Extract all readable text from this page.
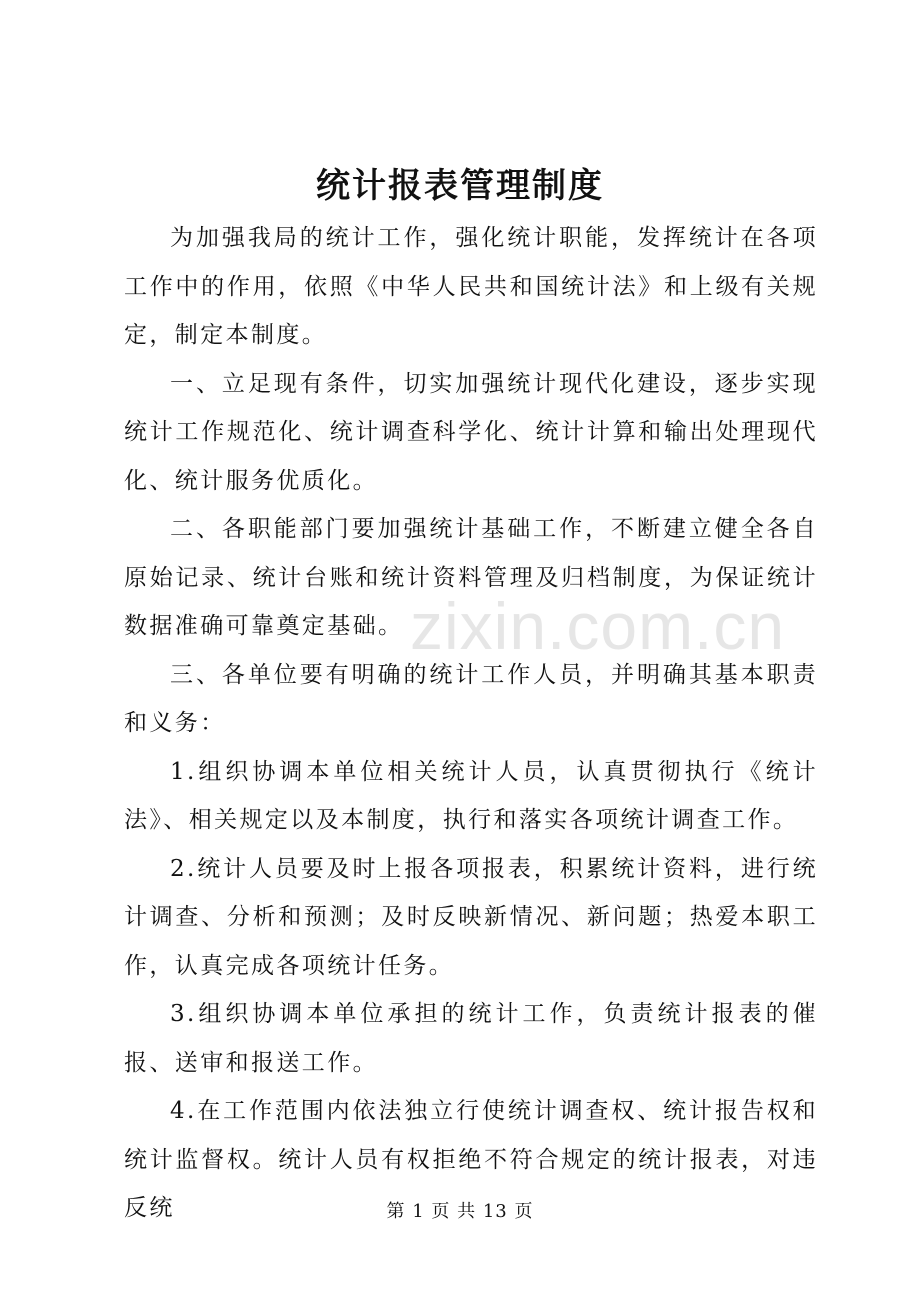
zixin.com.cn
统计报表管理制度

为加强我局的统计工作，强化统计职能，发挥统计在各项工作中的作用，依照《中华人民共和国统计法》和上级有关规定，制定本制度。

一、立足现有条件，切实加强统计现代化建设，逐步实现统计工作规范化、统计调查科学化、统计计算和输出处理现代化、统计服务优质化。

二、各职能部门要加强统计基础工作，不断建立健全各自原始记录、统计台账和统计资料管理及归档制度，为保证统计数据准确可靠奠定基础。

三、各单位要有明确的统计工作人员，并明确其基本职责和义务：

1.组织协调本单位相关统计人员，认真贯彻执行《统计法》、相关规定以及本制度，执行和落实各项统计调查工作。

2.统计人员要及时上报各项报表，积累统计资料，进行统计调查、分析和预测；及时反映新情况、新问题；热爱本职工作，认真完成各项统计任务。

3.组织协调本单位承担的统计工作，负责统计报表的催报、送审和报送工作。

4.在工作范围内依法独立行使统计调查权、统计报告权和统计监督权。统计人员有权拒绝不符合规定的统计报表，对违反统	第 1 页 共 13 页
